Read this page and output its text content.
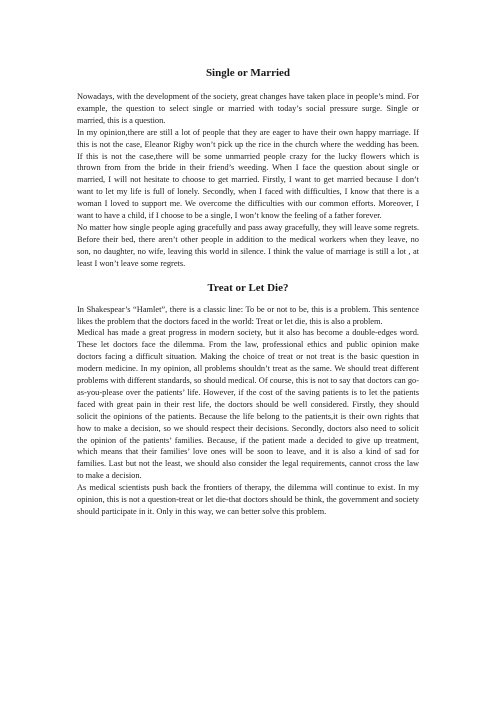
Single or Married

Nowadays, with the development of the society, great changes have taken place in people’s mind. For example, the question to select single or married with today’s social pressure surge. Single or married, this is a question.

In my opinion,there are still a lot of people that they are eager to have their own happy marriage. If this is not the case, Eleanor Rigby won’t pick up the rice in the church where the wedding has been. If this is not the case,there will be some unmarried people crazy for the lucky flowers which is thrown from from the bride in their friend’s weeding. When I face the question about single or married, I will not hesitate to choose to get married. Firstly, I want to get married because I don’t want to let my life is full of lonely. Secondly, when I faced with difficulties, I know that there is a woman I loved to support me. We overcome the difficulties with our common efforts. Moreover, I want to have a child, if I choose to be a single, I won’t know the feeling of a father forever.

No matter how single people aging gracefully and pass away gracefully, they will leave some regrets. Before their bed, there aren’t other people in addition to the medical workers when they leave, no son, no daughter, no wife, leaving this world in silence. I think the value of marriage is still a lot , at least I won’t leave some regrets.

Treat or Let Die?

In Shakespear’s “Hamlet”, there is a classic line: To be or not to be, this is a problem. This sentence likes the problem that the doctors faced in the world: Treat or let die, this is also a problem.

Medical has made a great progress in modern society, but it also has become a double-edges word. These let doctors face the dilemma. From the law, professional ethics and public opinion make doctors facing a difficult situation. Making the choice of treat or not treat is the basic question in modern medicine. In my opinion, all problems shouldn’t treat as the same. We should treat different problems with different standards, so should medical. Of course, this is not to say that doctors can go-as-you-please over the patients’ life. However, if the cost of the saving patients is to let the patients faced with great pain in their rest life, the doctors should be well considered. Firstly, they should solicit the opinions of the patients. Because the life belong to the patients,it is their own rights that how to make a decision, so we should respect their decisions. Secondly, doctors also need to solicit the opinion of the patients’ families. Because, if the patient made a decided to give up treatment, which means that their families’ love ones will be soon to leave, and it is also a kind of sad for families. Last but not the least, we should also consider the legal requirements, cannot cross the law to make a decision.

As medical scientists push back the frontiers of therapy, the dilemma will continue to exist. In my opinion, this is not a question-treat or let die-that doctors should be think, the government and society should participate in it. Only in this way, we can better solve this problem.
